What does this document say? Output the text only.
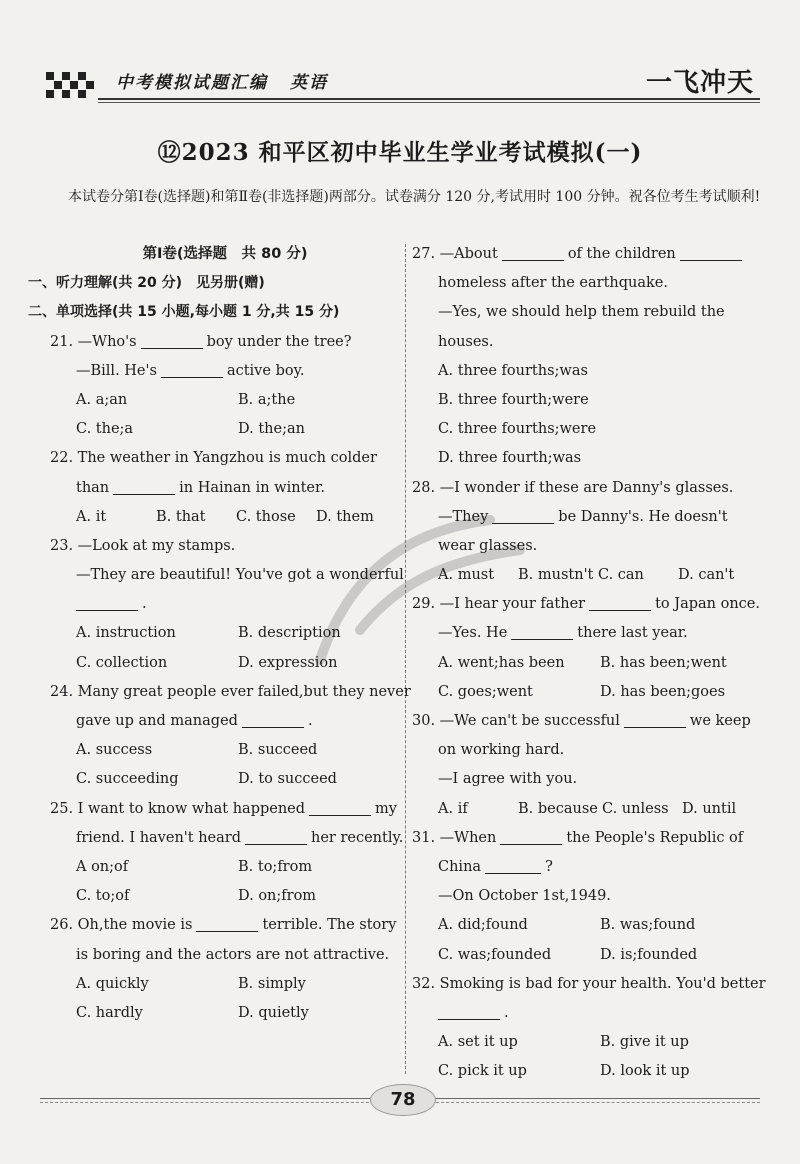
中考模拟试题汇编 英语	一飞冲天
⑫2023 和平区初中毕业生学业考试模拟(一)
本试卷分第Ⅰ卷(选择题)和第Ⅱ卷(非选择题)两部分。试卷满分 120 分,考试用时 100 分钟。祝各位考生考试顺利!
第Ⅰ卷(选择题　共 80 分)
一、听力理解(共 20 分)　见另册(赠)
二、单项选择(共 15 小题,每小题 1 分,共 15 分)
21. —Who's	boy under the tree?
—Bill. He's	active boy.
A. a;an	B. a;the
C. the;a	D. the;an
22. The weather in Yangzhou is much colder
than	in Hainan in winter.
A. it	B. that	C. those	D. them
23. —Look at my stamps.
—They are beautiful! You've got a wonderful
.
A. instruction	B. description
C. collection	D. expression
24. Many great people ever failed,but they never
gave up and managed	.
A. success	B. succeed
C. succeeding	D. to succeed
25. I want to know what happened	my
friend. I haven't heard	her recently.
A on;of	B. to;from
C. to;of	D. on;from
26. Oh,the movie is	terrible. The story
is boring and the actors are not attractive.
A. quickly	B. simply
C. hardly	D. quietly
27. —About	of the children
homeless after the earthquake.
—Yes, we should help them rebuild the
houses.
A. three fourths;was
B. three fourth;were
C. three fourths;were
D. three fourth;was
28. —I wonder if these are Danny's glasses.
—They	be Danny's. He doesn't
wear glasses.
A. must	B. mustn't C. can	D. can't
29. —I hear your father	to Japan once.
—Yes. He	there last year.
A. went;has been	B. has been;went
C. goes;went	D. has been;goes
30. —We can't be successful	we keep
on working hard.
—I agree with you.
A. if	B. because C. unless D. until
31. —When	the People's Republic of
China	?
—On October 1st,1949.
A. did;found	B. was;found
C. was;founded	D. is;founded
32. Smoking is bad for your health. You'd better
.
A. set it up	B. give it up
C. pick it up	D. look it up
78
